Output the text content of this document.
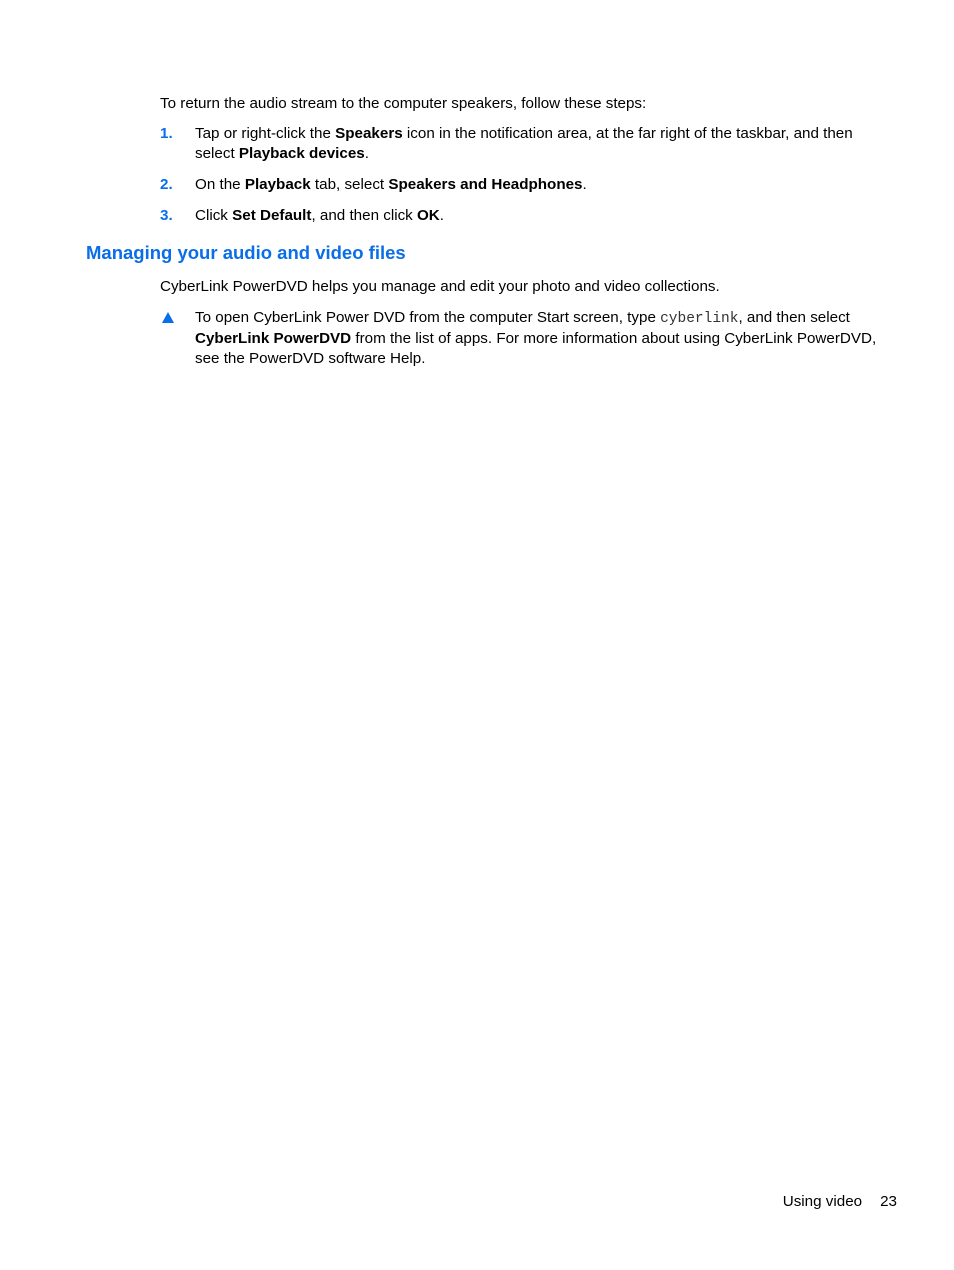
To return the audio stream to the computer speakers, follow these steps:

1. Tap or right-click the Speakers icon in the notification area, at the far right of the taskbar, and then select Playback devices.
2. On the Playback tab, select Speakers and Headphones.
3. Click Set Default, and then click OK.
Managing your audio and video files

CyberLink PowerDVD helps you manage and edit your photo and video collections.

To open CyberLink Power DVD from the computer Start screen, type cyberlink, and then select CyberLink PowerDVD from the list of apps. For more information about using CyberLink PowerDVD, see the PowerDVD software Help.
Using video 23
